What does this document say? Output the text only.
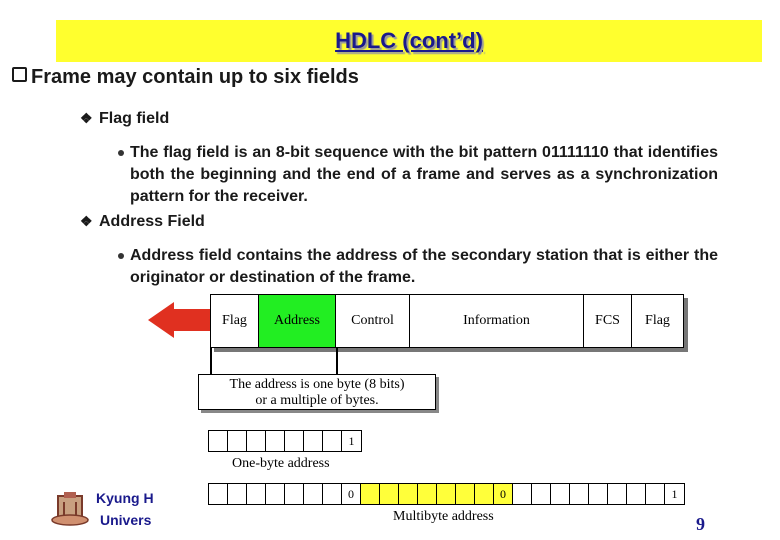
HDLC (cont’d)
Frame may contain up to six fields
❖ Flag field
The flag field is an 8-bit sequence with the bit pattern 01111110 that identifies both the beginning and the end of a frame and serves as a synchronization pattern for the receiver.
❖ Address Field
Address field contains the address of the secondary station that is either the originator or destination of the frame.
Flag	Address	Control	Information	FCS	Flag
The address is one byte (8 bits)
or a multiple of bytes.
1
One-byte address
0	0	1
Multibyte address
Kyung H
Univers	9
